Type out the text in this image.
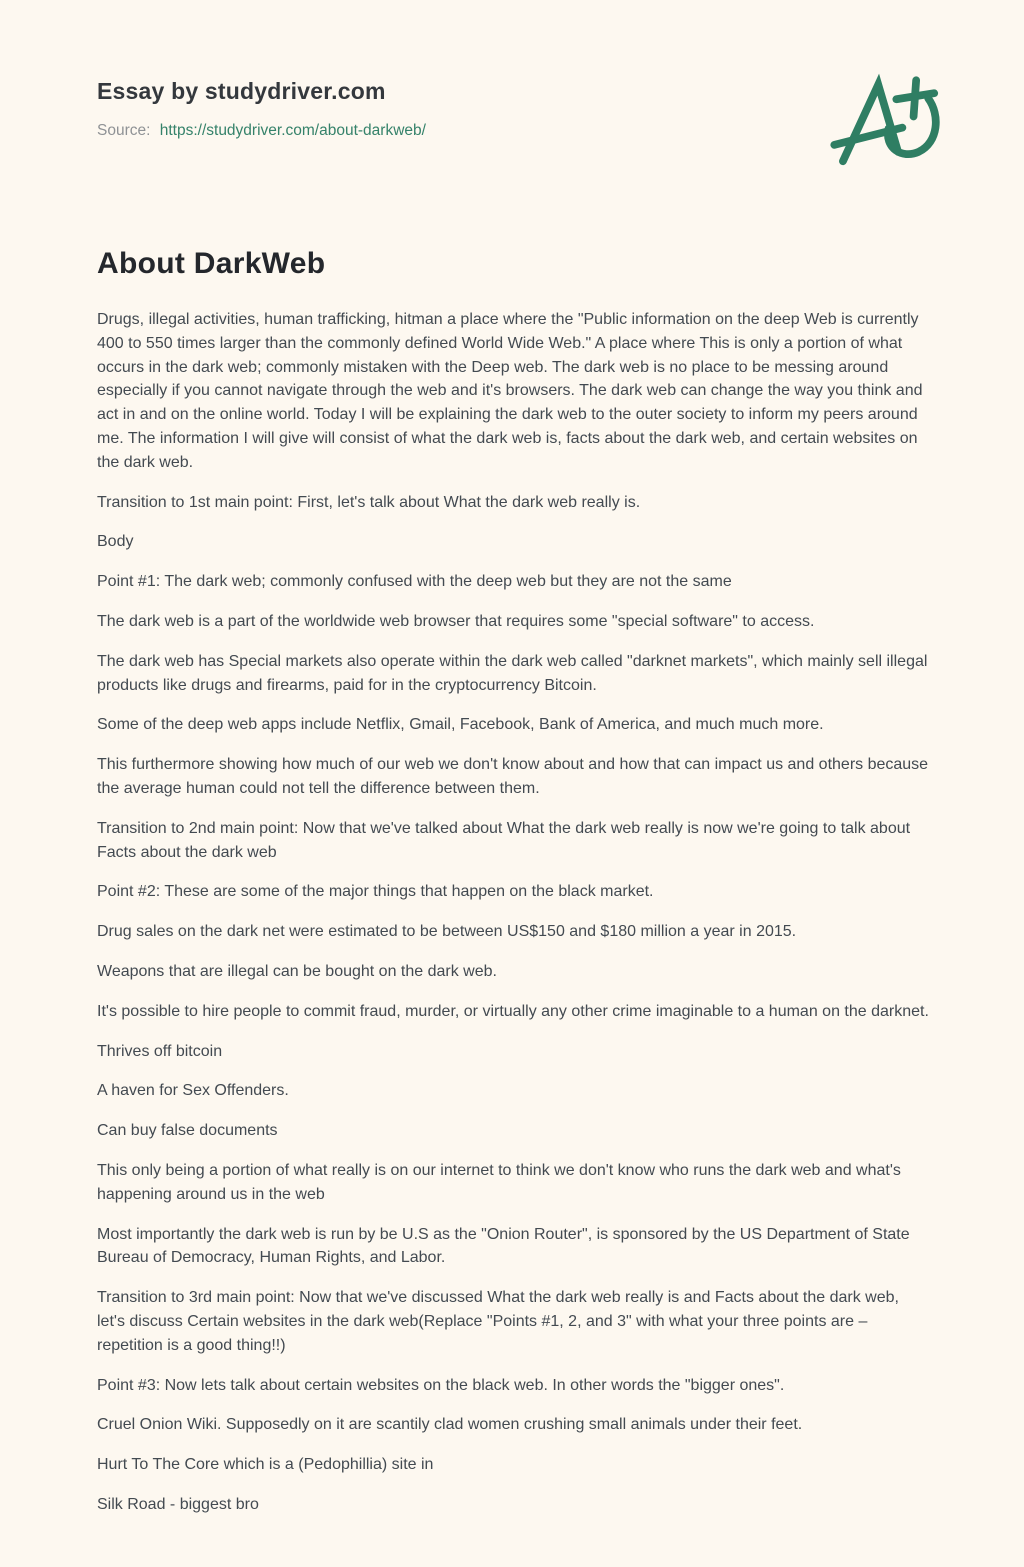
Essay by studydriver.com

Source: https://studydriver.com/about-darkweb/

About DarkWeb

Drugs, illegal activities, human trafficking, hitman a place where the "Public information on the deep Web is currently 400 to 550 times larger than the commonly defined World Wide Web." A place where This is only a portion of what occurs in the dark web; commonly mistaken with the Deep web. The dark web is no place to be messing around especially if you cannot navigate through the web and it's browsers. The dark web can change the way you think and act in and on the online world. Today I will be explaining the dark web to the outer society to inform my peers around me. The information I will give will consist of what the dark web is, facts about the dark web, and certain websites on the dark web.

Transition to 1st main point: First, let's talk about What the dark web really is.

Body

Point #1: The dark web; commonly confused with the deep web but they are not the same

The dark web is a part of the worldwide web browser that requires some "special software" to access.

The dark web has Special markets also operate within the dark web called "darknet markets", which mainly sell illegal products like drugs and firearms, paid for in the cryptocurrency Bitcoin.

Some of the deep web apps include Netflix, Gmail, Facebook, Bank of America, and much much more.

This furthermore showing how much of our web we don't know about and how that can impact us and others because the average human could not tell the difference between them.

Transition to 2nd main point: Now that we've talked about What the dark web really is now we're going to talk about Facts about the dark web

Point #2: These are some of the major things that happen on the black market.

Drug sales on the dark net were estimated to be between US$150 and $180 million a year in 2015.

Weapons that are illegal can be bought on the dark web.

It's possible to hire people to commit fraud, murder, or virtually any other crime imaginable to a human on the darknet.

Thrives off bitcoin

A haven for Sex Offenders.

Can buy false documents

This only being a portion of what really is on our internet to think we don't know who runs the dark web and what's happening around us in the web

Most importantly the dark web is run by be U.S as the "Onion Router", is sponsored by the US Department of State Bureau of Democracy, Human Rights, and Labor.

Transition to 3rd main point: Now that we've discussed What the dark web really is and Facts about the dark web, let's discuss Certain websites in the dark web(Replace "Points #1, 2, and 3" with what your three points are – repetition is a good thing!!)

Point #3: Now lets talk about certain websites on the black web. In other words the "bigger ones".

Cruel Onion Wiki. Supposedly on it are scantily clad women crushing small animals under their feet.

Hurt To The Core which is a (Pedophillia) site in

Silk Road - biggest bro
